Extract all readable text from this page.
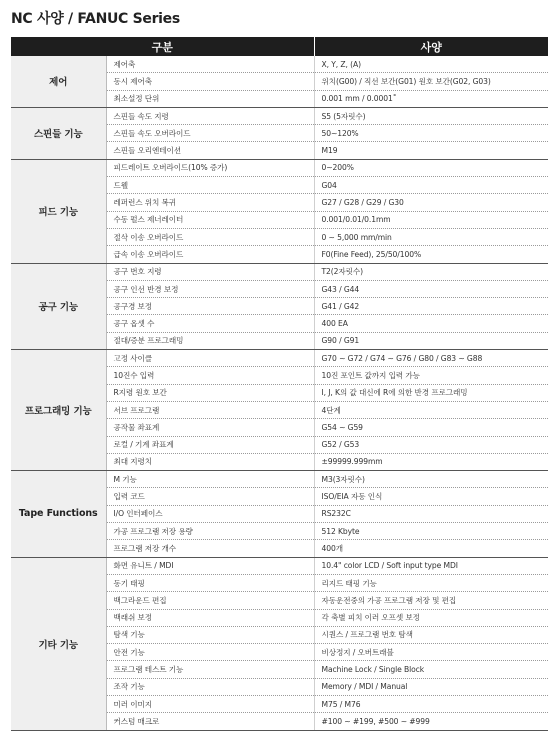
NC 사양 / FANUC Series
구분		사양
제어	제어축	X, Y, Z, (A)
	동시 제어축	위치(G00) / 직선 보간(G01) 원호 보간(G02, G03)
	최소설정 단위	0.001 mm / 0.0001˚
스핀들 기능	스핀들 속도 지령	S5 (5자릿수)
	스핀들 속도 오버라이드	50~120%
	스핀들 오리엔테이션	M19
피드 기능	피드레이트 오버라이드(10% 증가)	0~200%
	드웰	G04
	레퍼런스 위치 복귀	G27 / G28 / G29 / G30
	수동 펄스 제너레이터	0.001/0.01/0.1mm
	절삭 이송 오버라이드	0 ~ 5,000 mm/min
	급속 이송 오버라이드	F0(Fine Feed), 25/50/100%
공구 기능	공구 번호 지령	T2(2자릿수)
	공구 인선 반경 보정	G43 / G44
	공구경 보정	G41 / G42
	공구 옵셋 수	400 EA
	절대/증분 프로그래밍	G90 / G91
프로그래밍 기능	고정 사이클	G70 ~ G72 / G74 ~ G76 / G80 / G83 ~ G88
	10진수 입력	10진 포인트 값까지 입력 가능
	R지령 원호 보간	I, J, K의 값 대신에 R에 의한 반경 프로그래밍
	서브 프로그램	4단계
	공작물 좌표계	G54 ~ G59
	로컬 / 기계 좌표계	G52 / G53
	최대 지령치	±99999.999mm
Tape Functions	M 기능	M3(3자릿수)
	입력 코드	ISO/EIA 자동 인식
	I/O 인터페이스	RS232C
	가공 프로그램 저장 용량	512 Kbyte
	프로그램 저장 개수	400개
기타 기능	화면 유니트 / MDI	10.4" color LCD / Soft input type MDI
	동기 태핑	리지드 태핑 기능
	백그라운드 편집	자동운전중의 가공 프로그램 저장 및 편집
	백래쉬 보정	각 축별 피치 이러 오프셋 보정
	탐색 기능	시퀀스 / 프로그램 번호 탐색
	안전 기능	비상정지 / 오버트래블
	프로그램 테스트 기능	Machine Lock / Single Block
	조작 기능	Memory / MDI / Manual
	미러 이미지	M75 / M76
	커스텀 매크로	#100 ~ #199, #500 ~ #999
